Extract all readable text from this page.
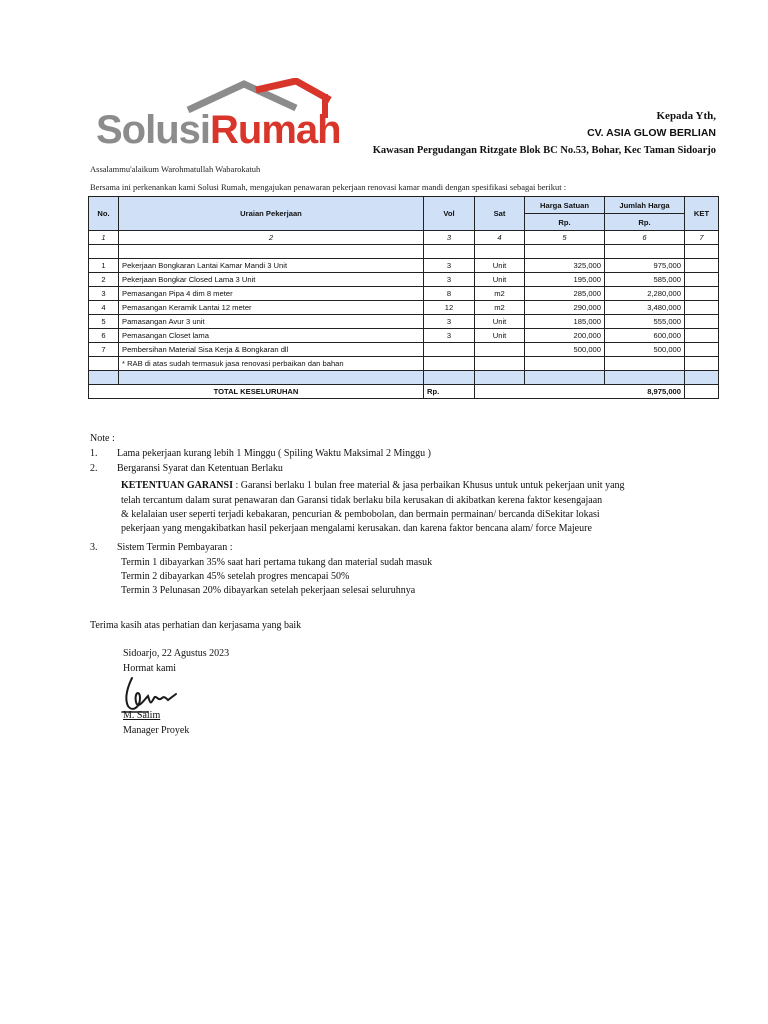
SolusiRumah	Kepada Yth,
CV. ASIA GLOW BERLIAN
Kawasan Pergudangan Ritzgate Blok BC No.53, Bohar, Kec Taman Sidoarjo
Assalammu'alaikum Warohmatullah Wabarokatuh
Bersama ini perkenankan kami Solusi Rumah, mengajukan penawaran pekerjaan renovasi kamar mandi dengan spesifikasi sebagai berikut :
No.	Uraian Pekerjaan	Vol	Sat	Harga Satuan	Jumlah Harga	KET
				Rp.	Rp.	
1	2	3	4	5	6	7

1	Pekerjaan Bongkaran Lantai Kamar Mandi 3 Unit	3	Unit	325,000	975,000	
2	Pekerjaan Bongkar Closed Lama 3 Unit	3	Unit	195,000	585,000	
3	Pemasangan Pipa 4 dim 8 meter	8	m2	285,000	2,280,000	
4	Pemasangan Keramik Lantai 12 meter	12	m2	290,000	3,480,000	
5	Pamasangan Avur 3 unit	3	Unit	185,000	555,000	
6	Pemasangan Closet lama	3	Unit	200,000	600,000	
7	Pembersihan Material Sisa Kerja & Bongkaran dll			500,000	500,000	
	* RAB di atas sudah termasuk jasa renovasi perbaikan dan bahan					

TOTAL KESELURUHAN		Rp.	8,975,000			
Note :
1. Lama pekerjaan kurang lebih 1 Minggu ( Spiling Waktu Maksimal 2 Minggu )
2. Bergaransi Syarat dan Ketentuan Berlaku
KETENTUAN GARANSI : Garansi berlaku 1 bulan free material & jasa perbaikan Khusus untuk untuk pekerjaan unit yang
telah tercantum dalam surat penawaran dan Garansi tidak berlaku bila kerusakan di akibatkan kerena faktor kesengajaan
& kelalaian user seperti terjadi kebakaran, pencurian & pembobolan, dan bermain permainan/ bercanda diSekitar lokasi
pekerjaan yang mengakibatkan hasil pekerjaan mengalami kerusakan. dan karena faktor bencana alam/ force Majeure
3. Sistem Termin Pembayaran :
Termin 1 dibayarkan 35% saat hari pertama tukang dan material sudah masuk
Termin 2 dibayarkan 45% setelah progres mencapai 50%
Termin 3 Pelunasan 20% dibayarkan setelah pekerjaan selesai seluruhnya
Terima kasih atas perhatian dan kerjasama yang baik
Sidoarjo, 22 Agustus 2023
Hormat kami
M. Salim
Manager Proyek
